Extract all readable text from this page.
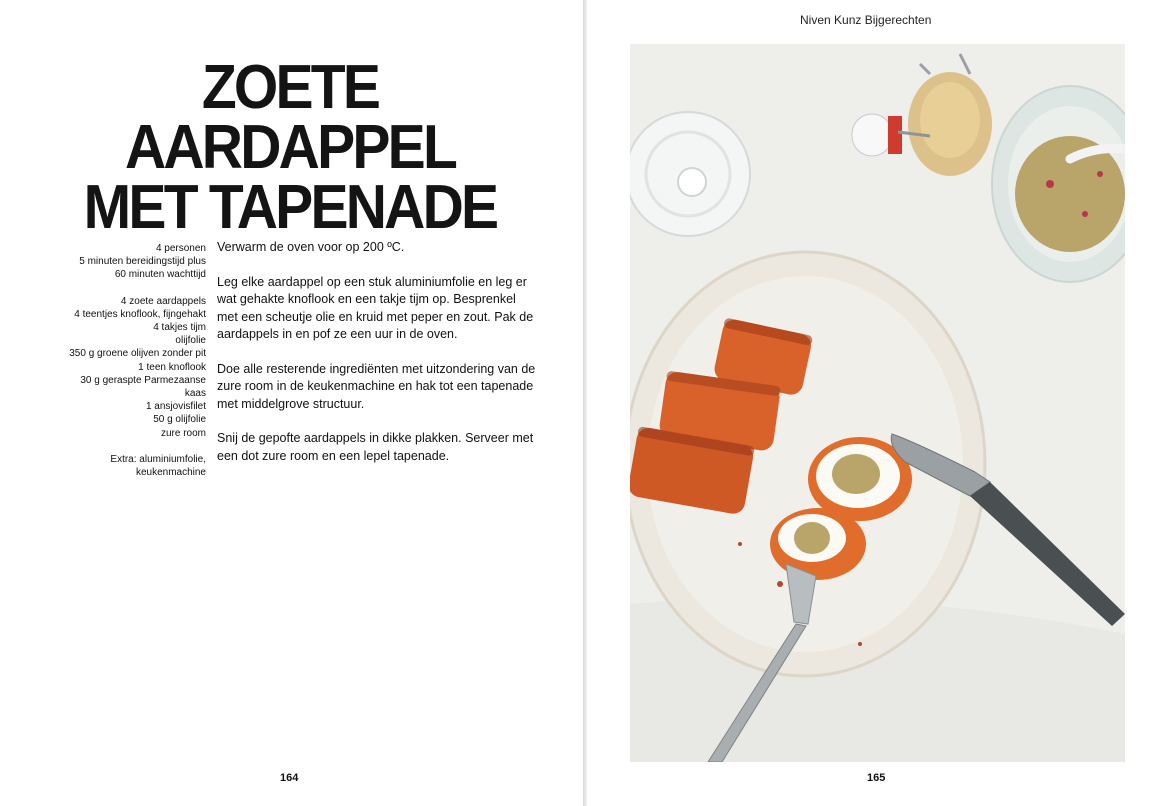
ZOETE AARDAPPEL
MET TAPENADE
4 personen
5 minuten bereidingstijd plus
60 minuten wachttijd
4 zoete aardappels
4 teentjes knoflook, fijngehakt
4 takjes tijm
olijfolie
350 g groene olijven zonder pit
1 teen knoflook
30 g geraspte Parmezaanse
kaas
1 ansjovisfilet
50 g olijfolie
zure room
Extra: aluminiumfolie,
keukenmachine

Verwarm de oven voor op 200 ºC.

Leg elke aardappel op een stuk aluminiumfolie en leg er wat gehakte knoflook en een takje tijm op. Besprenkel met een scheutje olie en kruid met peper en zout. Pak de aardappels in en pof ze een uur in de oven.

Doe alle resterende ingrediënten met uitzondering van de zure room in de keukenmachine en hak tot een tapenade met middelgrove structuur.

Snij de gepofte aardappels in dikke plakken. Serveer met een dot zure room en een lepel tapenade.

Niven Kunz Bijgerechten
164	165
